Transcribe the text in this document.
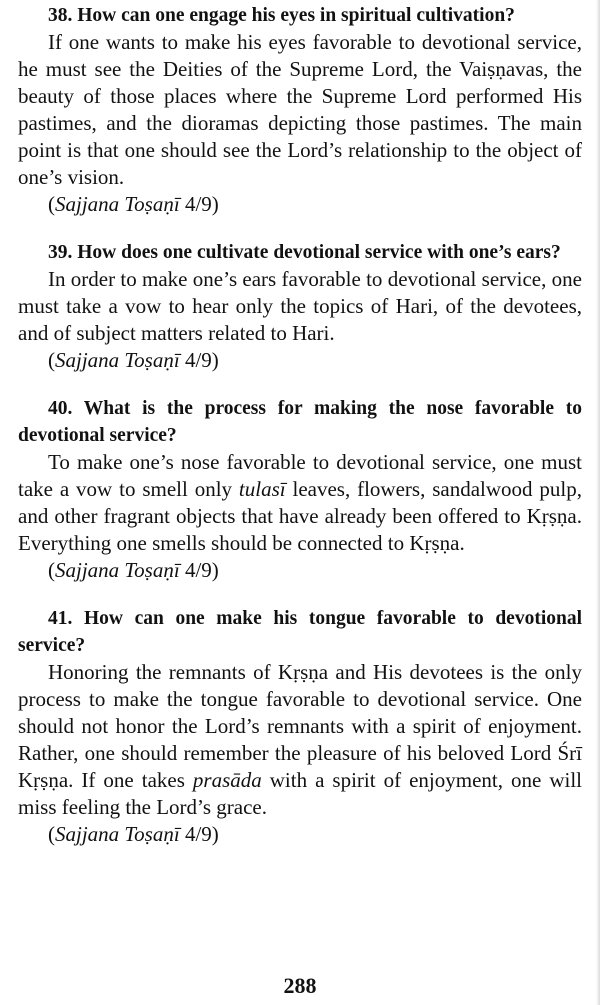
38. How can one engage his eyes in spiritual cultivation?

If one wants to make his eyes favorable to devotional service, he must see the Deities of the Supreme Lord, the Vaiṣṇavas, the beauty of those places where the Supreme Lord performed His pastimes, and the dioramas depicting those pastimes. The main point is that one should see the Lord’s relationship to the object of one’s vision.

(Sajjana Toṣaṇī 4/9)

39. How does one cultivate devotional service with one’s ears?

In order to make one’s ears favorable to devotional service, one must take a vow to hear only the topics of Hari, of the devotees, and of subject matters related to Hari.

(Sajjana Toṣaṇī 4/9)

40. What is the process for making the nose favorable to devotional service?

To make one’s nose favorable to devotional service, one must take a vow to smell only tulasī leaves, flowers, sandalwood pulp, and other fragrant objects that have already been offered to Kṛṣṇa. Everything one smells should be connected to Kṛṣṇa.

(Sajjana Toṣaṇī 4/9)

41. How can one make his tongue favorable to devotional service?

Honoring the remnants of Kṛṣṇa and His devotees is the only process to make the tongue favorable to devotional service. One should not honor the Lord’s remnants with a spirit of enjoyment. Rather, one should remember the pleasure of his beloved Lord Śrī Kṛṣṇa. If one takes prasāda with a spirit of enjoyment, one will miss feeling the Lord’s grace.

(Sajjana Toṣaṇī 4/9)

288
